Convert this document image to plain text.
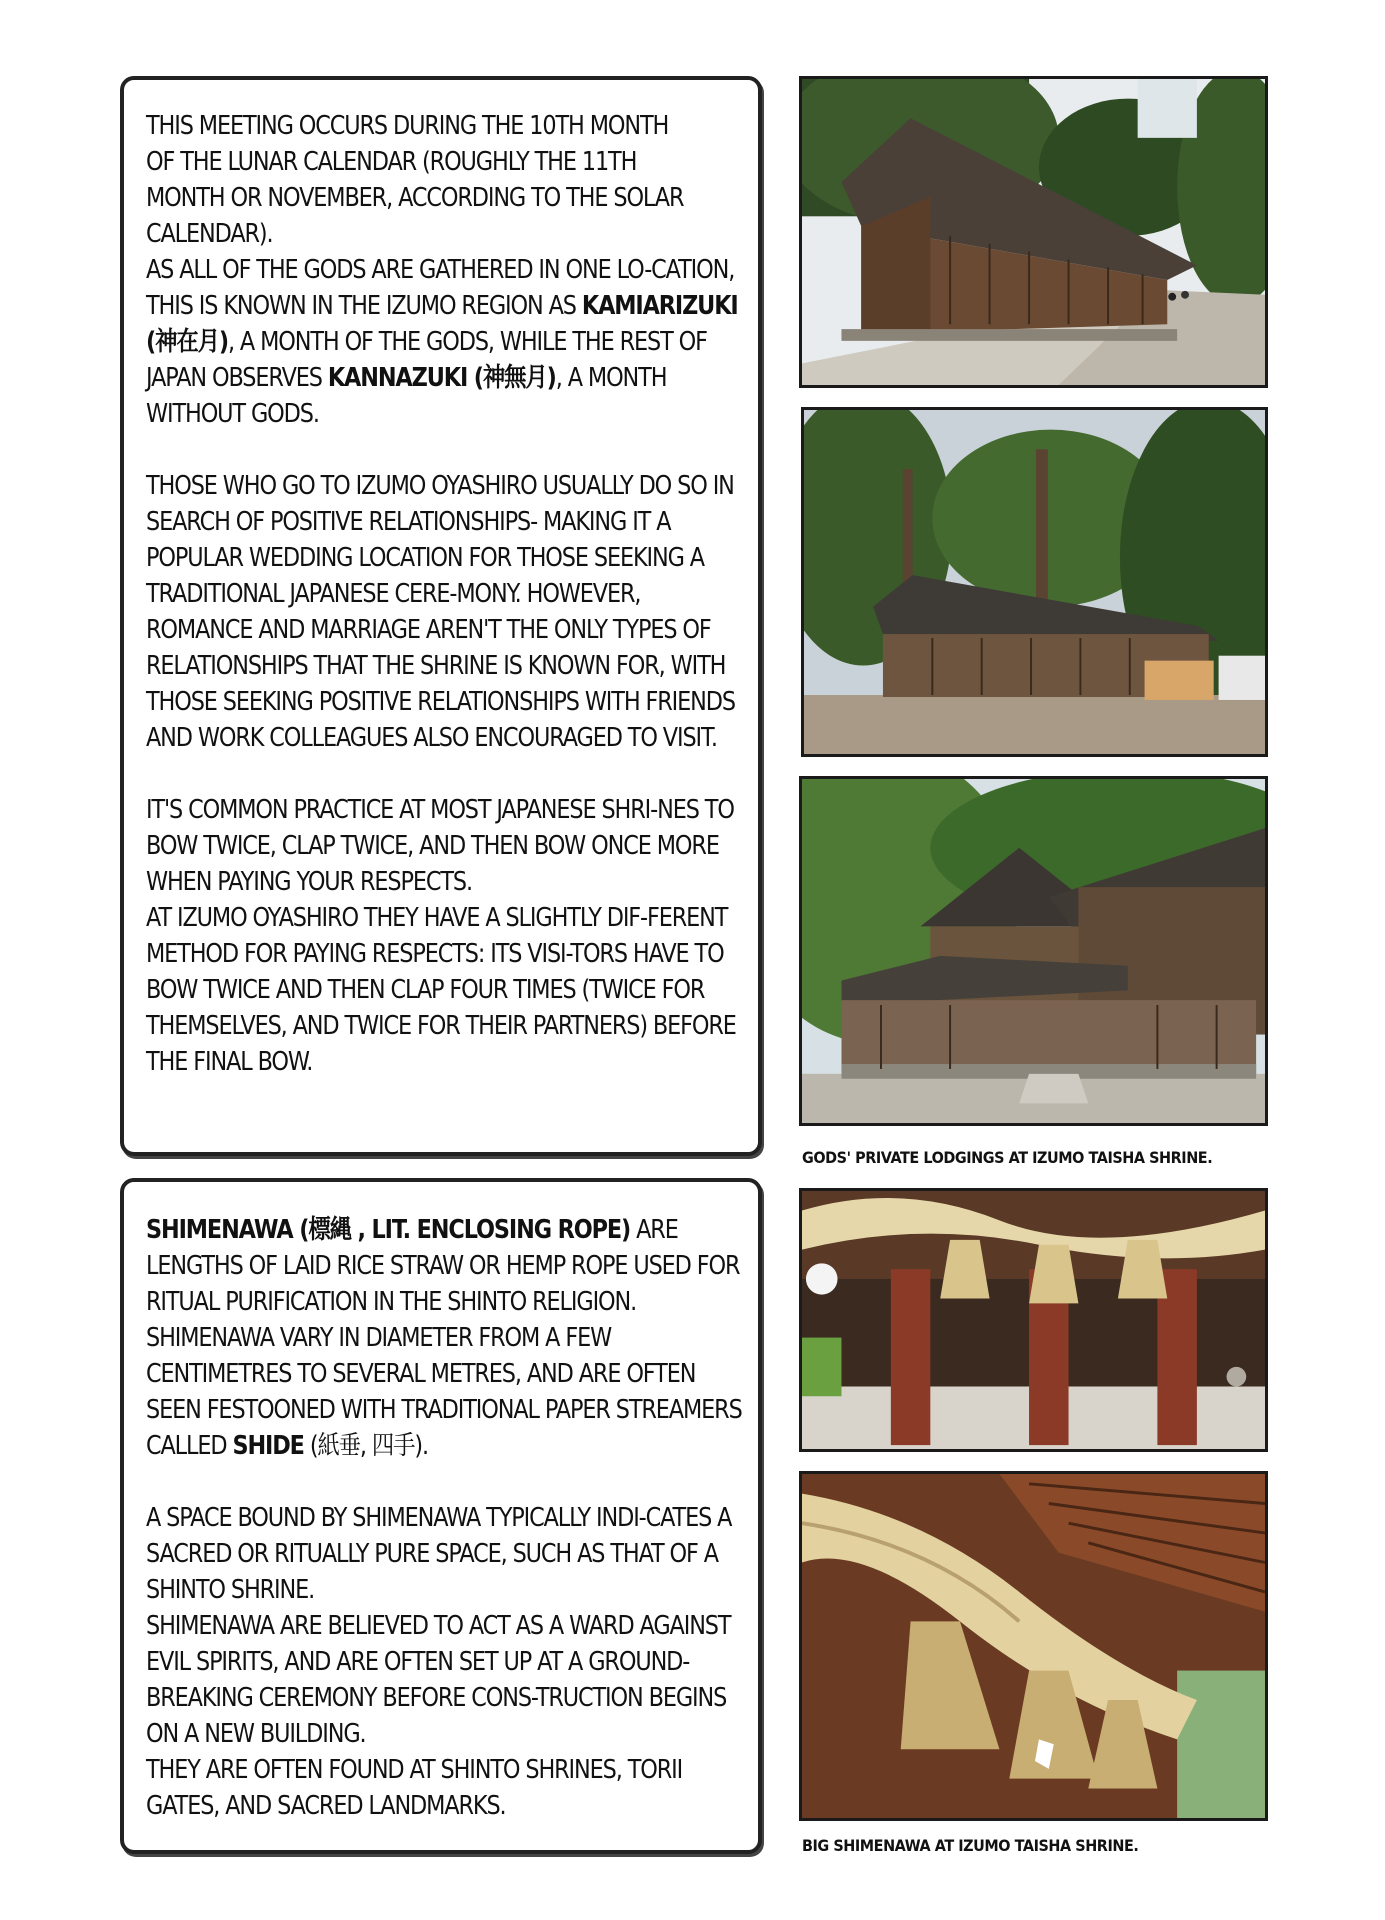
THIS MEETING OCCURS DURING THE 10TH MONTH
OF THE LUNAR CALENDAR (ROUGHLY THE 11TH
MONTH OR NOVEMBER, ACCORDING TO THE SOLAR
CALENDAR).
AS ALL OF THE GODS ARE GATHERED IN ONE LO-CATION, THIS IS KNOWN IN THE IZUMO REGION AS KAMIARIZUKI (神在月), A MONTH OF THE GODS, WHILE THE REST OF JAPAN OBSERVES KANNAZUKI (神無月), A MONTH WITHOUT GODS.

THOSE WHO GO TO IZUMO OYASHIRO USUALLY DO SO IN SEARCH OF POSITIVE RELATIONSHIPS- MAKING IT A POPULAR WEDDING LOCATION FOR THOSE SEEKING A TRADITIONAL JAPANESE CERE-MONY. HOWEVER, ROMANCE AND MARRIAGE AREN'T THE ONLY TYPES OF RELATIONSHIPS THAT THE SHRINE IS KNOWN FOR, WITH THOSE SEEKING POSITIVE RELATIONSHIPS WITH FRIENDS AND WORK COLLEAGUES ALSO ENCOURAGED TO VISIT.

IT'S COMMON PRACTICE AT MOST JAPANESE SHRI-NES TO BOW TWICE, CLAP TWICE, AND THEN BOW ONCE MORE WHEN PAYING YOUR RESPECTS.
AT IZUMO OYASHIRO THEY HAVE A SLIGHTLY DIF-FERENT METHOD FOR PAYING RESPECTS: ITS VISI-TORS HAVE TO BOW TWICE AND THEN CLAP FOUR TIMES (TWICE FOR THEMSELVES, AND TWICE FOR THEIR PARTNERS) BEFORE THE FINAL BOW.

SHIMENAWA (標縄 , LIT. ENCLOSING ROPE) ARE LENGTHS OF LAID RICE STRAW OR HEMP ROPE USED FOR RITUAL PURIFICATION IN THE SHINTO RELIGION. SHIMENAWA VARY IN DIAMETER FROM A FEW CENTIMETRES TO SEVERAL METRES, AND ARE OFTEN SEEN FESTOONED WITH TRADITIONAL PAPER STREAMERS CALLED SHIDE (紙垂, 四手).

A SPACE BOUND BY SHIMENAWA TYPICALLY INDI-CATES A SACRED OR RITUALLY PURE SPACE, SUCH AS THAT OF A SHINTO SHRINE.
SHIMENAWA ARE BELIEVED TO ACT AS A WARD AGAINST EVIL SPIRITS, AND ARE OFTEN SET UP AT A GROUND-BREAKING CEREMONY BEFORE CONS-TRUCTION BEGINS ON A NEW BUILDING.
THEY ARE OFTEN FOUND AT SHINTO SHRINES, TORII GATES, AND SACRED LANDMARKS.

GODS' PRIVATE LODGINGS AT IZUMO TAISHA SHRINE.
BIG SHIMENAWA AT IZUMO TAISHA SHRINE.
